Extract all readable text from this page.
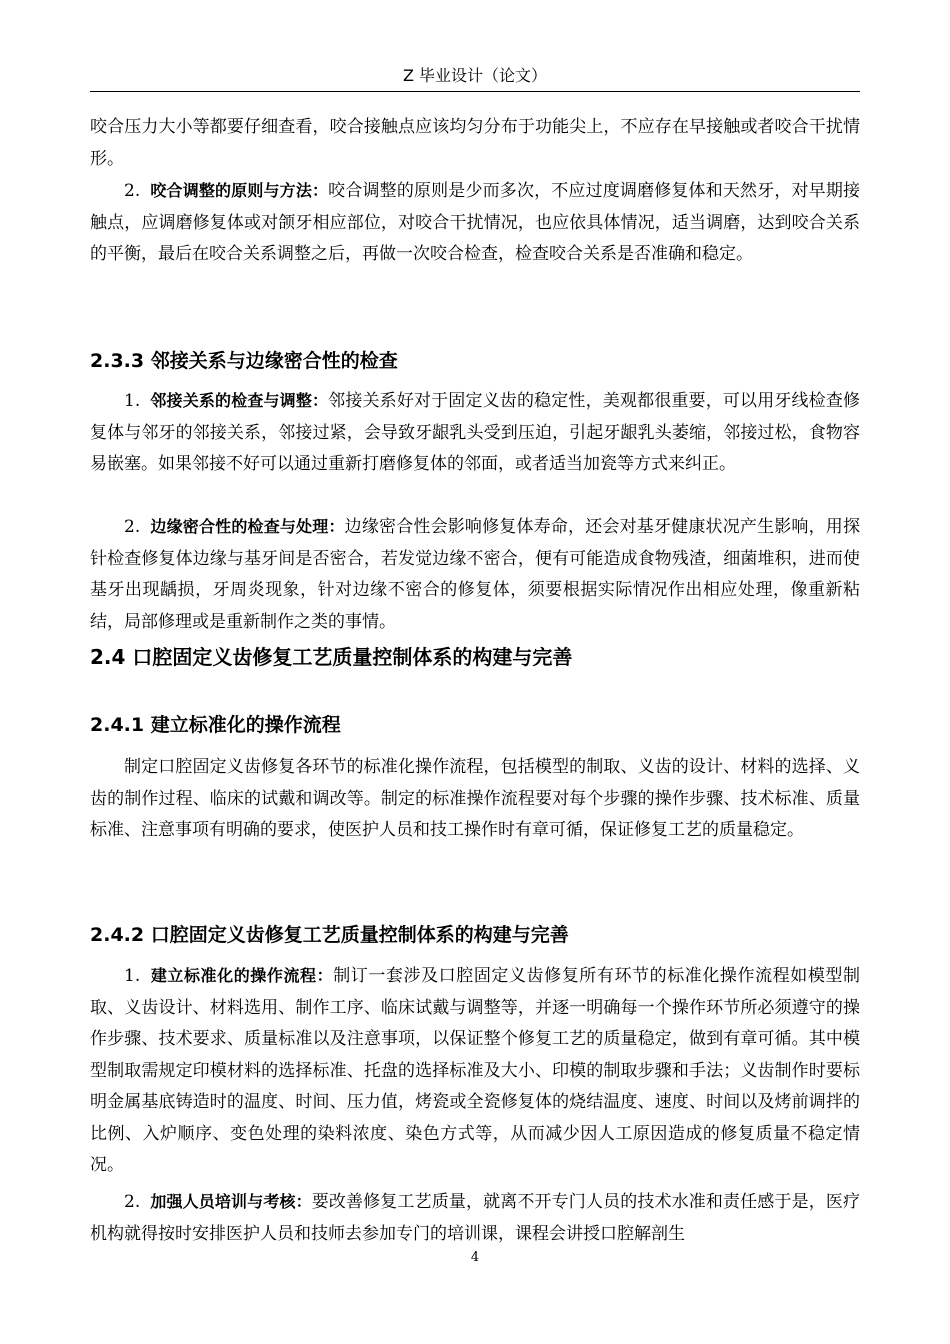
Z 毕业设计（论文）

咬合压力大小等都要仔细查看，咬合接触点应该均匀分布于功能尖上，不应存在早接触或者咬合干扰情形。

2. 咬合调整的原则与方法：咬合调整的原则是少而多次，不应过度调磨修复体和天然牙，对早期接触点，应调磨修复体或对颌牙相应部位，对咬合干扰情况，也应依具体情况，适当调磨，达到咬合关系的平衡，最后在咬合关系调整之后，再做一次咬合检查，检查咬合关系是否准确和稳定。

2.3.3 邻接关系与边缘密合性的检查

1. 邻接关系的检查与调整：邻接关系好对于固定义齿的稳定性，美观都很重要，可以用牙线检查修复体与邻牙的邻接关系，邻接过紧，会导致牙龈乳头受到压迫，引起牙龈乳头萎缩，邻接过松，食物容易嵌塞。如果邻接不好可以通过重新打磨修复体的邻面，或者适当加瓷等方式来纠正。

2. 边缘密合性的检查与处理：边缘密合性会影响修复体寿命，还会对基牙健康状况产生影响，用探针检查修复体边缘与基牙间是否密合，若发觉边缘不密合，便有可能造成食物残渣，细菌堆积，进而使基牙出现龋损，牙周炎现象，针对边缘不密合的修复体，须要根据实际情况作出相应处理，像重新粘结，局部修理或是重新制作之类的事情。

2.4 口腔固定义齿修复工艺质量控制体系的构建与完善
2.4.1 建立标准化的操作流程

制定口腔固定义齿修复各环节的标准化操作流程，包括模型的制取、义齿的设计、材料的选择、义齿的制作过程、临床的试戴和调改等。制定的标准操作流程要对每个步骤的操作步骤、技术标准、质量标准、注意事项有明确的要求，使医护人员和技工操作时有章可循，保证修复工艺的质量稳定。

2.4.2 口腔固定义齿修复工艺质量控制体系的构建与完善

1. 建立标准化的操作流程：制订一套涉及口腔固定义齿修复所有环节的标准化操作流程如模型制取、义齿设计、材料选用、制作工序、临床试戴与调整等，并逐一明确每一个操作环节所必须遵守的操作步骤、技术要求、质量标准以及注意事项，以保证整个修复工艺的质量稳定，做到有章可循。其中模型制取需规定印模材料的选择标准、托盘的选择标准及大小、印模的制取步骤和手法；义齿制作时要标明金属基底铸造时的温度、时间、压力值，烤瓷或全瓷修复体的烧结温度、速度、时间以及烤前调拌的比例、入炉顺序、变色处理的染料浓度、染色方式等，从而减少因人工原因造成的修复质量不稳定情况。

2. 加强人员培训与考核：要改善修复工艺质量，就离不开专门人员的技术水准和责任感于是，医疗机构就得按时安排医护人员和技师去参加专门的培训课，课程会讲授口腔解剖生

4
